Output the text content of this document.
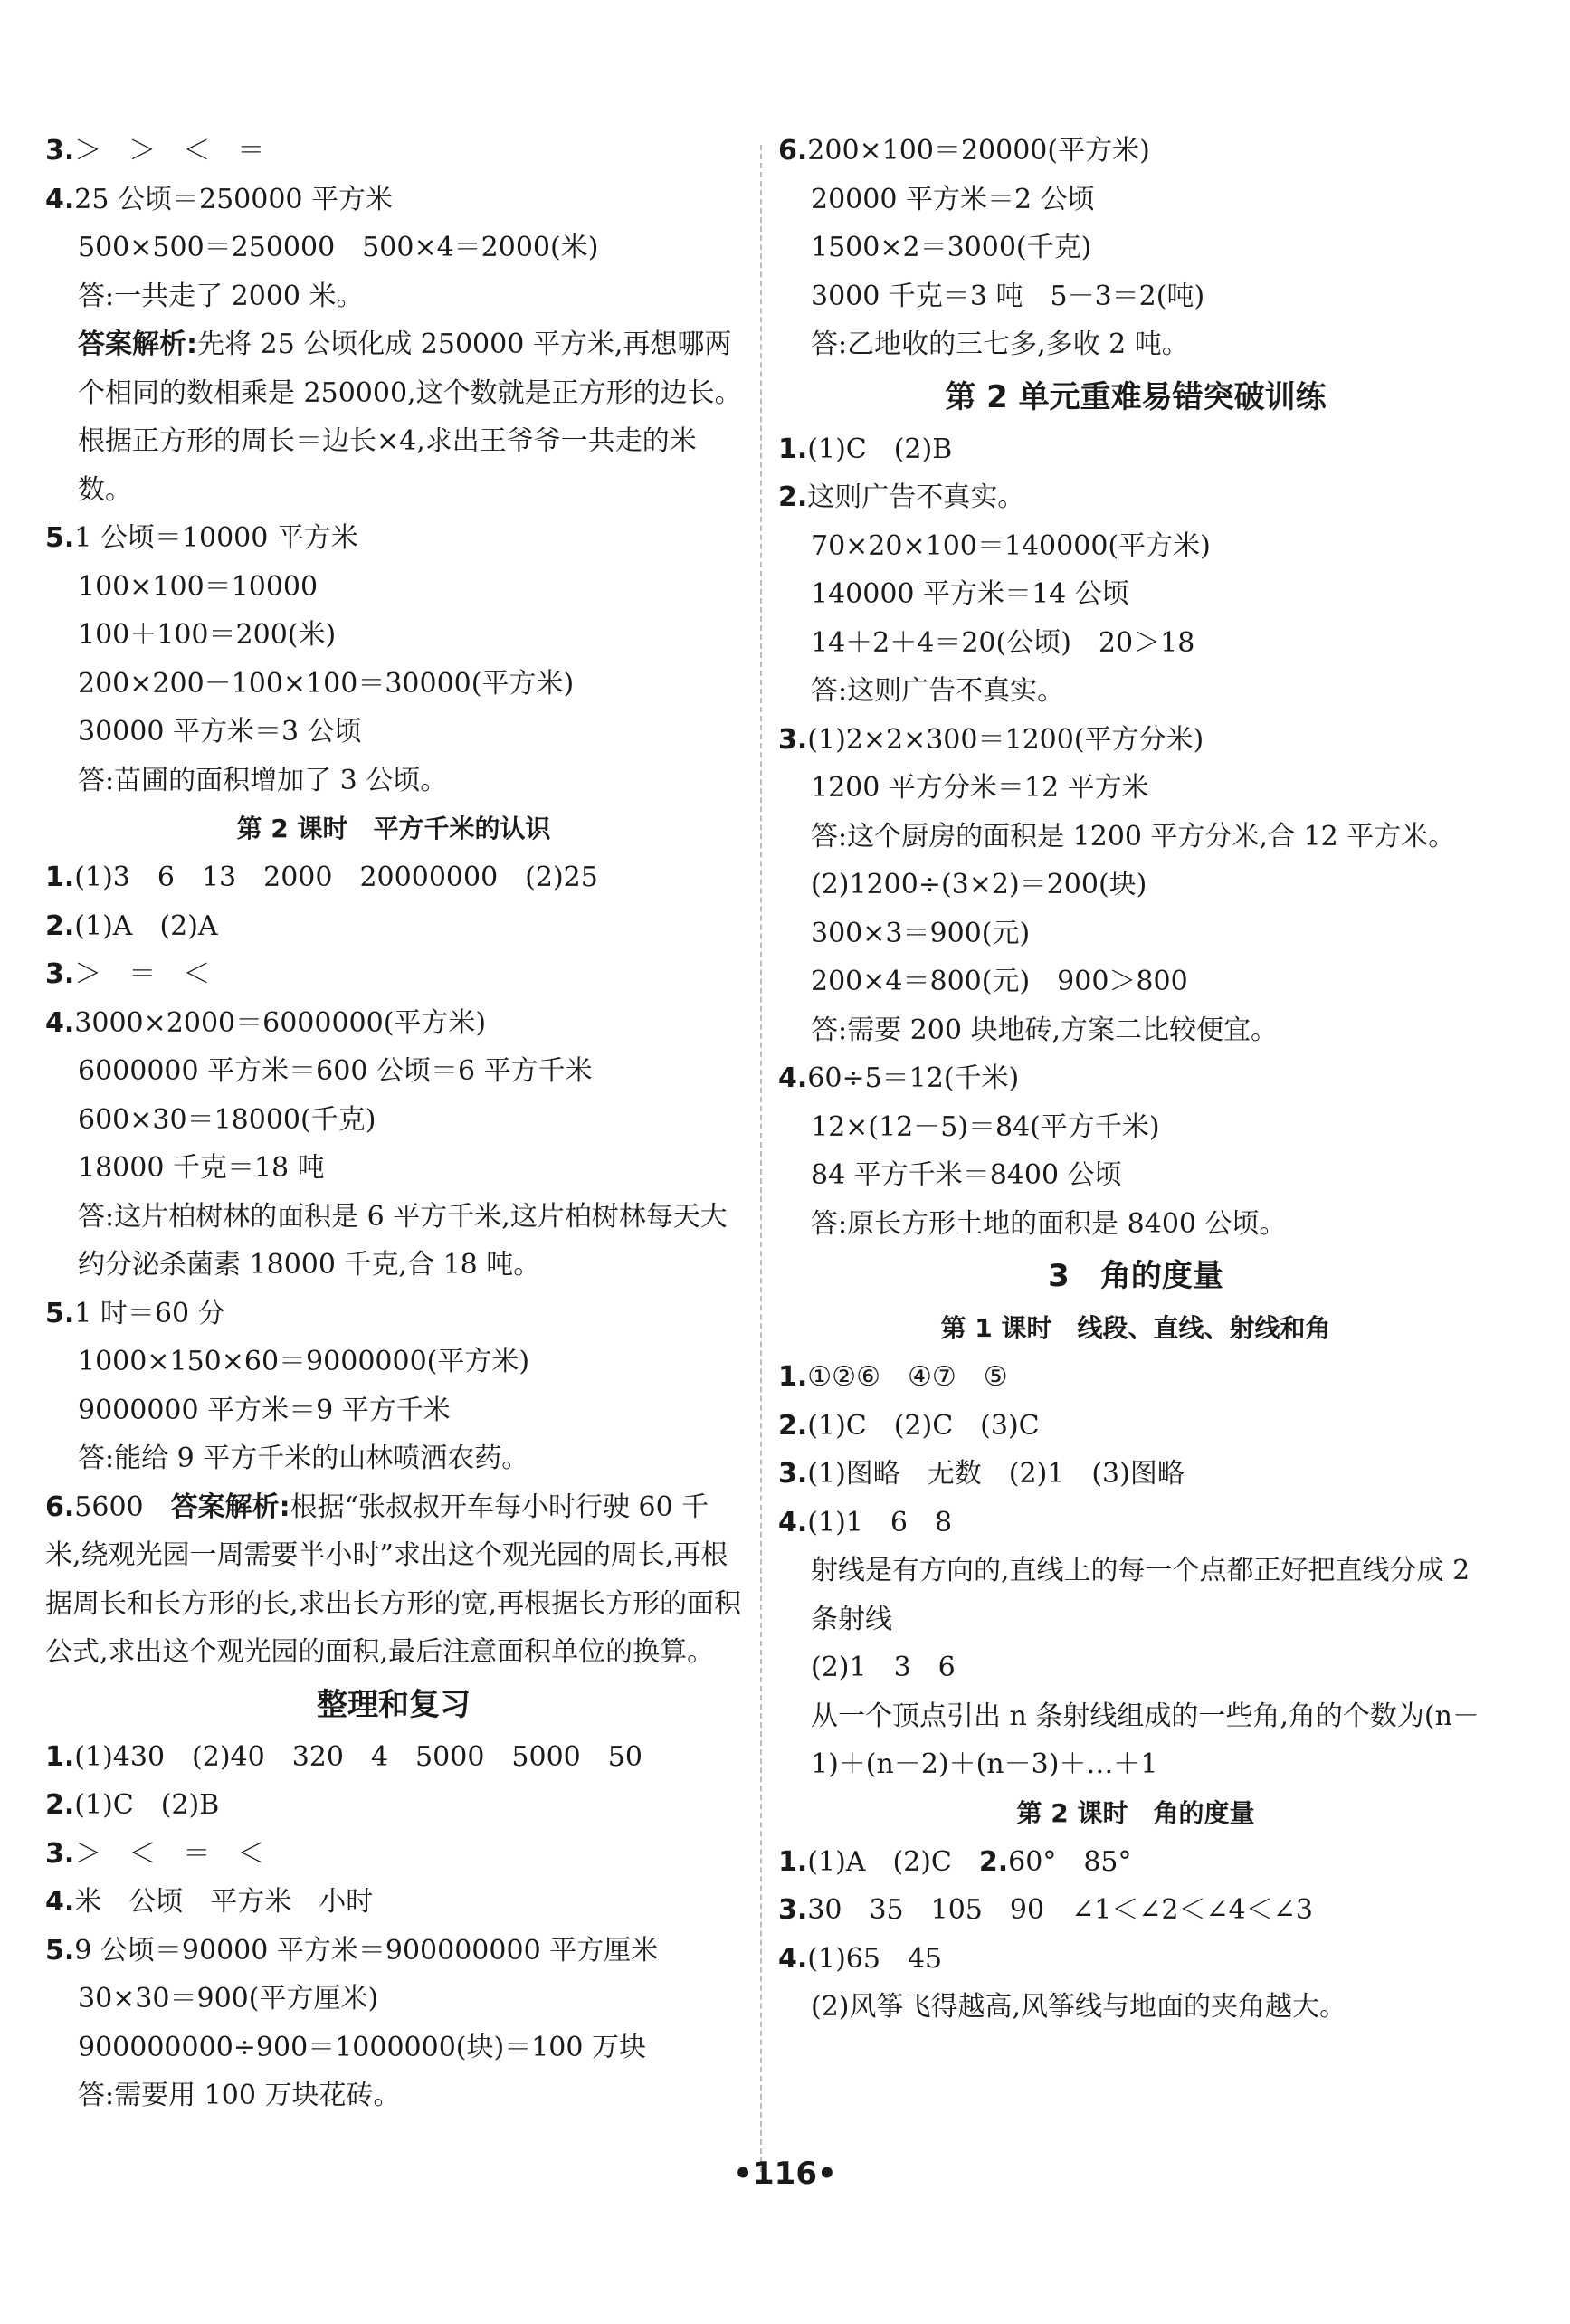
3.＞　＞　＜　＝
4.25 公顷＝250000 平方米
500×500＝250000　500×4＝2000(米)
答:一共走了 2000 米。
答案解析:先将 25 公顷化成 250000 平方米,再想哪两个相同的数相乘是 250000,这个数就是正方形的边长。根据正方形的周长＝边长×4,求出王爷爷一共走的米数。
5.1 公顷＝10000 平方米
100×100＝10000
100＋100＝200(米)
200×200－100×100＝30000(平方米)
30000 平方米＝3 公顷
答:苗圃的面积增加了 3 公顷。
第 2 课时　平方千米的认识
1.(1)3　6　13　2000　20000000　(2)25
2.(1)A　(2)A
3.＞　＝　＜
4.3000×2000＝6000000(平方米)
6000000 平方米＝600 公顷＝6 平方千米
600×30＝18000(千克)
18000 千克＝18 吨
答:这片柏树林的面积是 6 平方千米,这片柏树林每天大约分泌杀菌素 18000 千克,合 18 吨。
5.1 时＝60 分
1000×150×60＝9000000(平方米)
9000000 平方米＝9 平方千米
答:能给 9 平方千米的山林喷洒农药。
6.5600　 答案解析:根据“张叔叔开车每小时行驶 60 千米,绕观光园一周需要半小时”求出这个观光园的周长,再根据周长和长方形的长,求出长方形的宽,再根据长方形的面积公式,求出这个观光园的面积,最后注意面积单位的换算。
整理和复习
1.(1)430　(2)40　320　4　5000　5000　50
2.(1)C　(2)B
3.＞　＜　＝　＜
4.米　公顷　平方米　小时
5.9 公顷＝90000 平方米＝900000000 平方厘米
30×30＝900(平方厘米)
900000000÷900＝1000000(块)＝100 万块
答:需要用 100 万块花砖。
6.200×100＝20000(平方米)
20000 平方米＝2 公顷
1500×2＝3000(千克)
3000 千克＝3 吨　5－3＝2(吨)
答:乙地收的三七多,多收 2 吨。
第 2 单元重难易错突破训练
1.(1)C　(2)B
2.这则广告不真实。
70×20×100＝140000(平方米)
140000 平方米＝14 公顷
14＋2＋4＝20(公顷)　20＞18
答:这则广告不真实。
3.(1)2×2×300＝1200(平方分米)
1200 平方分米＝12 平方米
答:这个厨房的面积是 1200 平方分米,合 12 平方米。
(2)1200÷(3×2)＝200(块)
300×3＝900(元)
200×4＝800(元)　900＞800
答:需要 200 块地砖,方案二比较便宜。
4.60÷5＝12(千米)
12×(12－5)＝84(平方千米)
84 平方千米＝8400 公顷
答:原长方形土地的面积是 8400 公顷。
3　角的度量
第 1 课时　线段、直线、射线和角
1.①②⑥　④⑦　⑤
2.(1)C　(2)C　(3)C
3.(1)图略　无数　(2)1　(3)图略
4.(1)1　6　8
射线是有方向的,直线上的每一个点都正好把直线分成 2 条射线
(2)1　3　6
从一个顶点引出 n 条射线组成的一些角,角的个数为(n－1)＋(n－2)＋(n－3)＋…＋1
第 2 课时　角的度量
1.(1)A　(2)C　 2.60°　85°
3.30　35　105　90　∠1＜∠2＜∠4＜∠3
4.(1)65　45
(2)风筝飞得越高,风筝线与地面的夹角越大。
•116•
